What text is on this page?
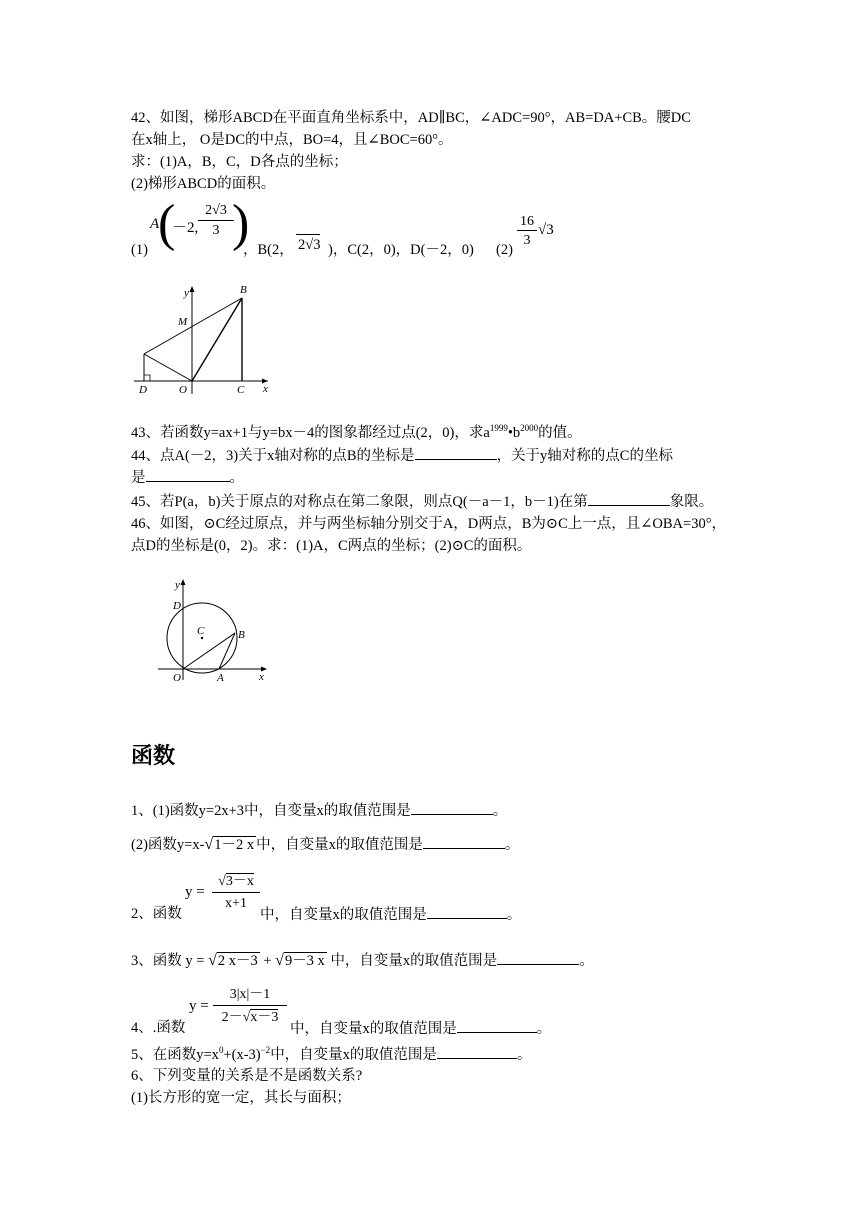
42、如图，梯形ABCD在平面直角坐标系中，AD∥BC，∠ADC=90°，AB=DA+CB。腰DC
在x轴上， O是DC的中点，BO=4，且∠BOC=60°。
求：(1)A，B，C，D各点的坐标；
(2)梯形ABCD的面积。
(1)
A
(
－2,
2√3
3 )
，B(2， 2√3 )，C(2，0)，D(－2，0) (2)
16
3
√3
y
x
B
M
D	O	C
43、若函数y=ax+1与y=bx－4的图象都经过点(2，0)，求$a^{1999}•b^{2000}$的值。
44、点A(－2，3)关于x轴对称的点B的坐标是	，关于y轴对称的点C的坐标
是	。
45、若P(a，b)关于原点的对称点在第二象限，则点Q(－a－1，b－1)在第	象限。
46、如图，⊙C经过原点，并与两坐标轴分别交于A，D两点，B为⊙C上一点，且∠OBA=30°，
点D的坐标是(0，2)。求：(1)A，C两点的坐标；(2)⊙C的面积。
y
x
D
C	B
O	A
函数
1、(1)函数y=2x+3中，自变量x的取值范围是	。
(2)函数y=x-√1－2 x 中，自变量x的取值范围是	。
2、函数
y =
√3－x
x+1
中，自变量x的取值范围是	。
3、函数 y = √2 x－3 + √9－3 x 中，自变量x的取值范围是	。
4、.函数
y =
3|x|－1
2－√x－3
中，自变量x的取值范围是	。
5、在函数$y=x^0+(x-3)^{-2}$中，自变量x的取值范围是	。
6、下列变量的关系是不是函数关系?
(1)长方形的宽一定，其长与面积；
